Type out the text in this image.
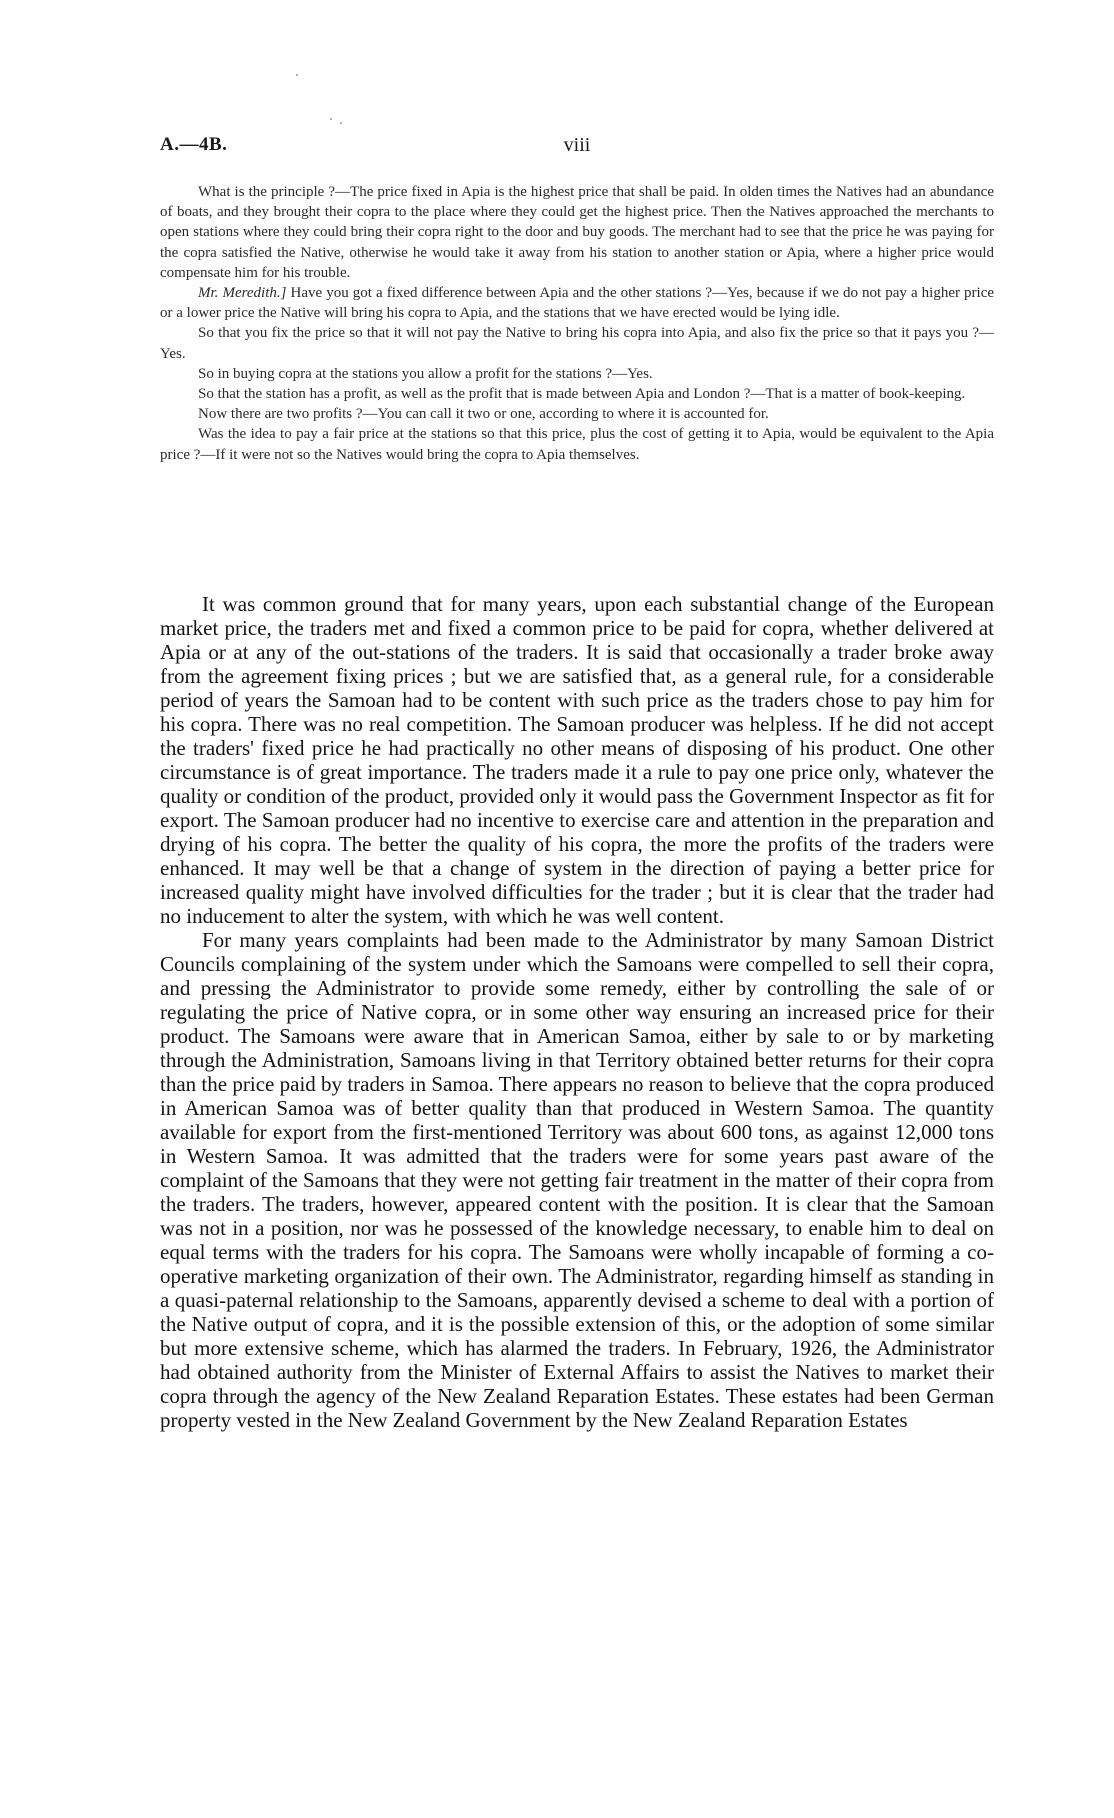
A.—4B.	viii

What is the principle ?—The price fixed in Apia is the highest price that shall be paid. In olden times the Natives had an abundance of boats, and they brought their copra to the place where they could get the highest price. Then the Natives approached the merchants to open stations where they could bring their copra right to the door and buy goods. The merchant had to see that the price he was paying for the copra satisfied the Native, otherwise he would take it away from his station to another station or Apia, where a higher price would compensate him for his trouble.

Mr. Meredith.] Have you got a fixed difference between Apia and the other stations ?—Yes, because if we do not pay a higher price or a lower price the Native will bring his copra to Apia, and the stations that we have erected would be lying idle.

So that you fix the price so that it will not pay the Native to bring his copra into Apia, and also fix the price so that it pays you ?—Yes.

So in buying copra at the stations you allow a profit for the stations ?—Yes.

So that the station has a profit, as well as the profit that is made between Apia and London ?—That is a matter of book-keeping.

Now there are two profits ?—You can call it two or one, according to where it is accounted for.

Was the idea to pay a fair price at the stations so that this price, plus the cost of getting it to Apia, would be equivalent to the Apia price ?—If it were not so the Natives would bring the copra to Apia themselves.

It was common ground that for many years, upon each substantial change of the European market price, the traders met and fixed a common price to be paid for copra, whether delivered at Apia or at any of the out-stations of the traders. It is said that occasionally a trader broke away from the agreement fixing prices ; but we are satisfied that, as a general rule, for a considerable period of years the Samoan had to be content with such price as the traders chose to pay him for his copra. There was no real competition. The Samoan producer was helpless. If he did not accept the traders' fixed price he had practically no other means of disposing of his product. One other circumstance is of great importance. The traders made it a rule to pay one price only, whatever the quality or condition of the product, provided only it would pass the Government Inspector as fit for export. The Samoan producer had no incentive to exercise care and attention in the preparation and drying of his copra. The better the quality of his copra, the more the profits of the traders were enhanced. It may well be that a change of system in the direction of paying a better price for increased quality might have involved difficulties for the trader ; but it is clear that the trader had no inducement to alter the system, with which he was well content.

For many years complaints had been made to the Administrator by many Samoan District Councils complaining of the system under which the Samoans were compelled to sell their copra, and pressing the Administrator to provide some remedy, either by controlling the sale of or regulating the price of Native copra, or in some other way ensuring an increased price for their product. The Samoans were aware that in American Samoa, either by sale to or by marketing through the Administration, Samoans living in that Territory obtained better returns for their copra than the price paid by traders in Samoa. There appears no reason to believe that the copra produced in American Samoa was of better quality than that produced in Western Samoa. The quantity available for export from the first-mentioned Territory was about 600 tons, as against 12,000 tons in Western Samoa. It was admitted that the traders were for some years past aware of the complaint of the Samoans that they were not getting fair treatment in the matter of their copra from the traders. The traders, however, appeared content with the position. It is clear that the Samoan was not in a position, nor was he possessed of the knowledge necessary, to enable him to deal on equal terms with the traders for his copra. The Samoans were wholly incapable of forming a co-operative marketing organization of their own. The Administrator, regarding himself as standing in a quasi-paternal relationship to the Samoans, apparently devised a scheme to deal with a portion of the Native output of copra, and it is the possible extension of this, or the adoption of some similar but more extensive scheme, which has alarmed the traders. In February, 1926, the Administrator had obtained authority from the Minister of External Affairs to assist the Natives to market their copra through the agency of the New Zealand Reparation Estates. These estates had been German property vested in the New Zealand Government by the New Zealand Reparation Estates
